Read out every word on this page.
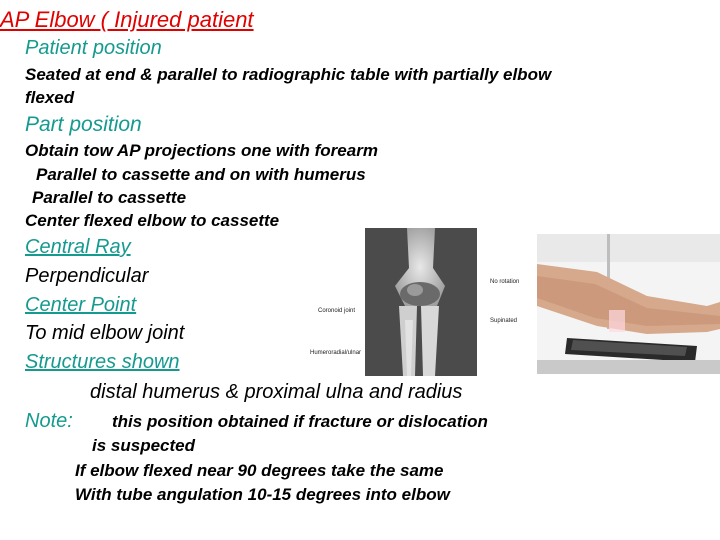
AP Elbow ( Injured patient
Patient position
Seated at end & parallel to radiographic table with partially elbow
flexed
Part position
Obtain tow AP projections one with forearm
Parallel to cassette and on with humerus
Parallel to cassette
Center flexed elbow to cassette
Central Ray
Perpendicular
Center Point
To mid elbow joint
Structures shown
distal humerus & proximal ulna and radius
Note: this position obtained if fracture or dislocation
is suspected
If elbow flexed near 90 degrees take the same
With tube angulation 10-15 degrees into elbow
Coronoid joint
Humeroradial/ulnar
No rotation
Supinated
